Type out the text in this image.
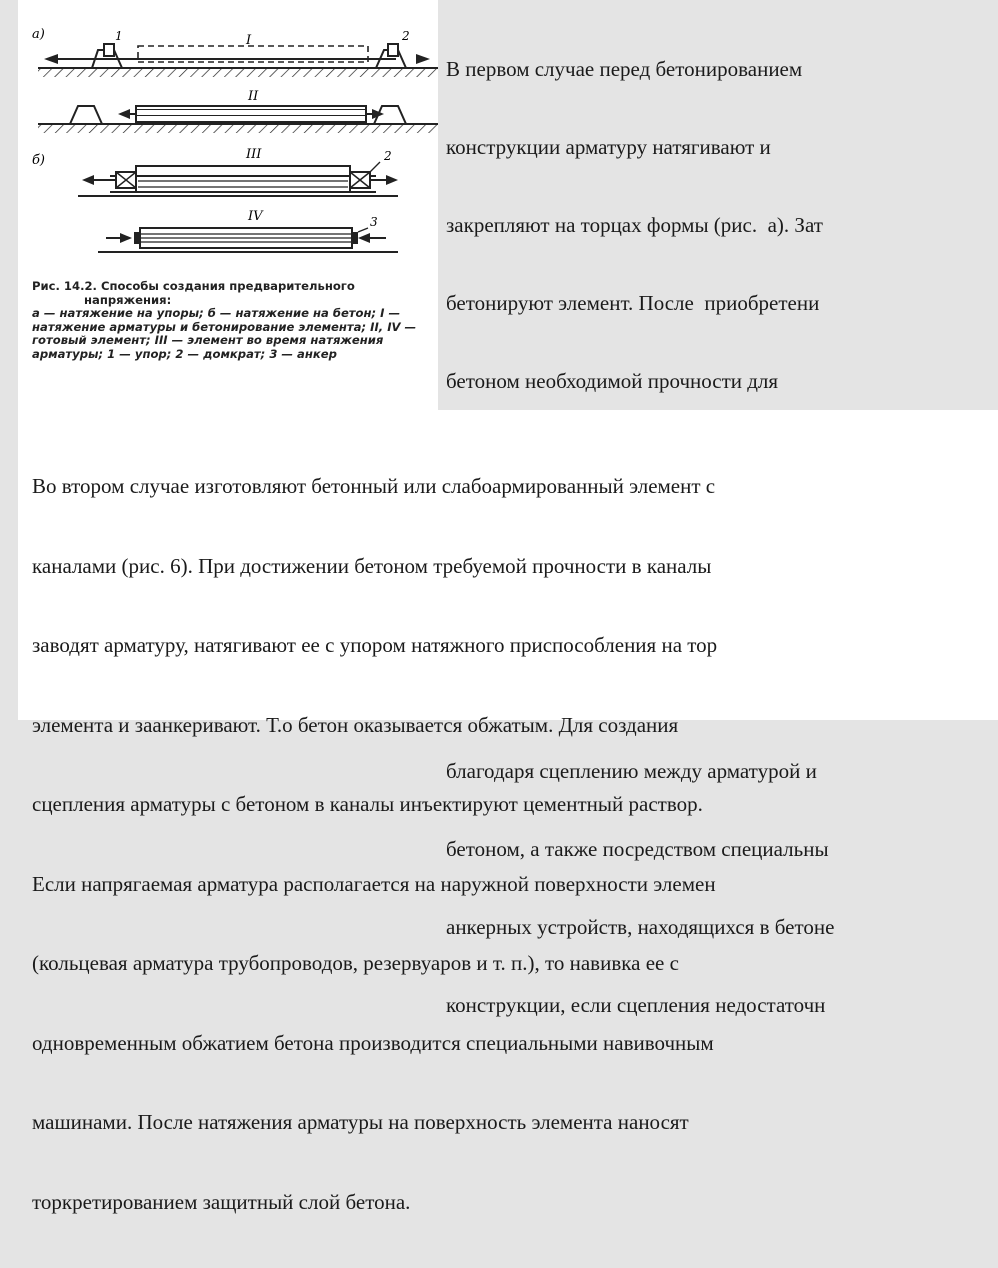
а)	1	I	2
II
б)	III	2
IV	3
Рис. 14.2. Способы создания предварительного напряжения:
а — натяжение на упоры; б — натяжение на бетон; I — натяжение арматуры и бетонирование элемента; II, IV — готовый элемент; III — элемент во время натяжения арматуры; 1 — упор; 2 — домкрат; 3 — анкер

В первом случае перед бетонированием

конструкции арматуру натягивают и

закрепляют на торцах формы (рис.  а). Зат

бетонируют элемент. После  приобретени

бетоном необходимой прочности для

благодаря сцеплению между арматурой и

бетоном, а также посредством специальны

анкерных устройств, находящихся в бетоне

конструкции, если сцепления недостаточн

Во втором случае изготовляют бетонный или слабоармированный элемент с

каналами (рис. 6). При достижении бетоном требуемой прочности в каналы

заводят арматуру, натягивают ее с упором натяжного приспособления на тор

элемента и заанкеривают. Т.о бетон оказывается обжатым. Для создания

сцепления арматуры с бетоном в каналы инъектируют цементный раствор.

Если напрягаемая арматура располагается на наружной поверхности элемен

(кольцевая арматура трубопроводов, резервуаров и т. п.), то навивка ее с

одновременным обжатием бетона производится специальными навивочным

машинами. После натяжения арматуры на поверхность элемента наносят

торкретированием защитный слой бетона.
